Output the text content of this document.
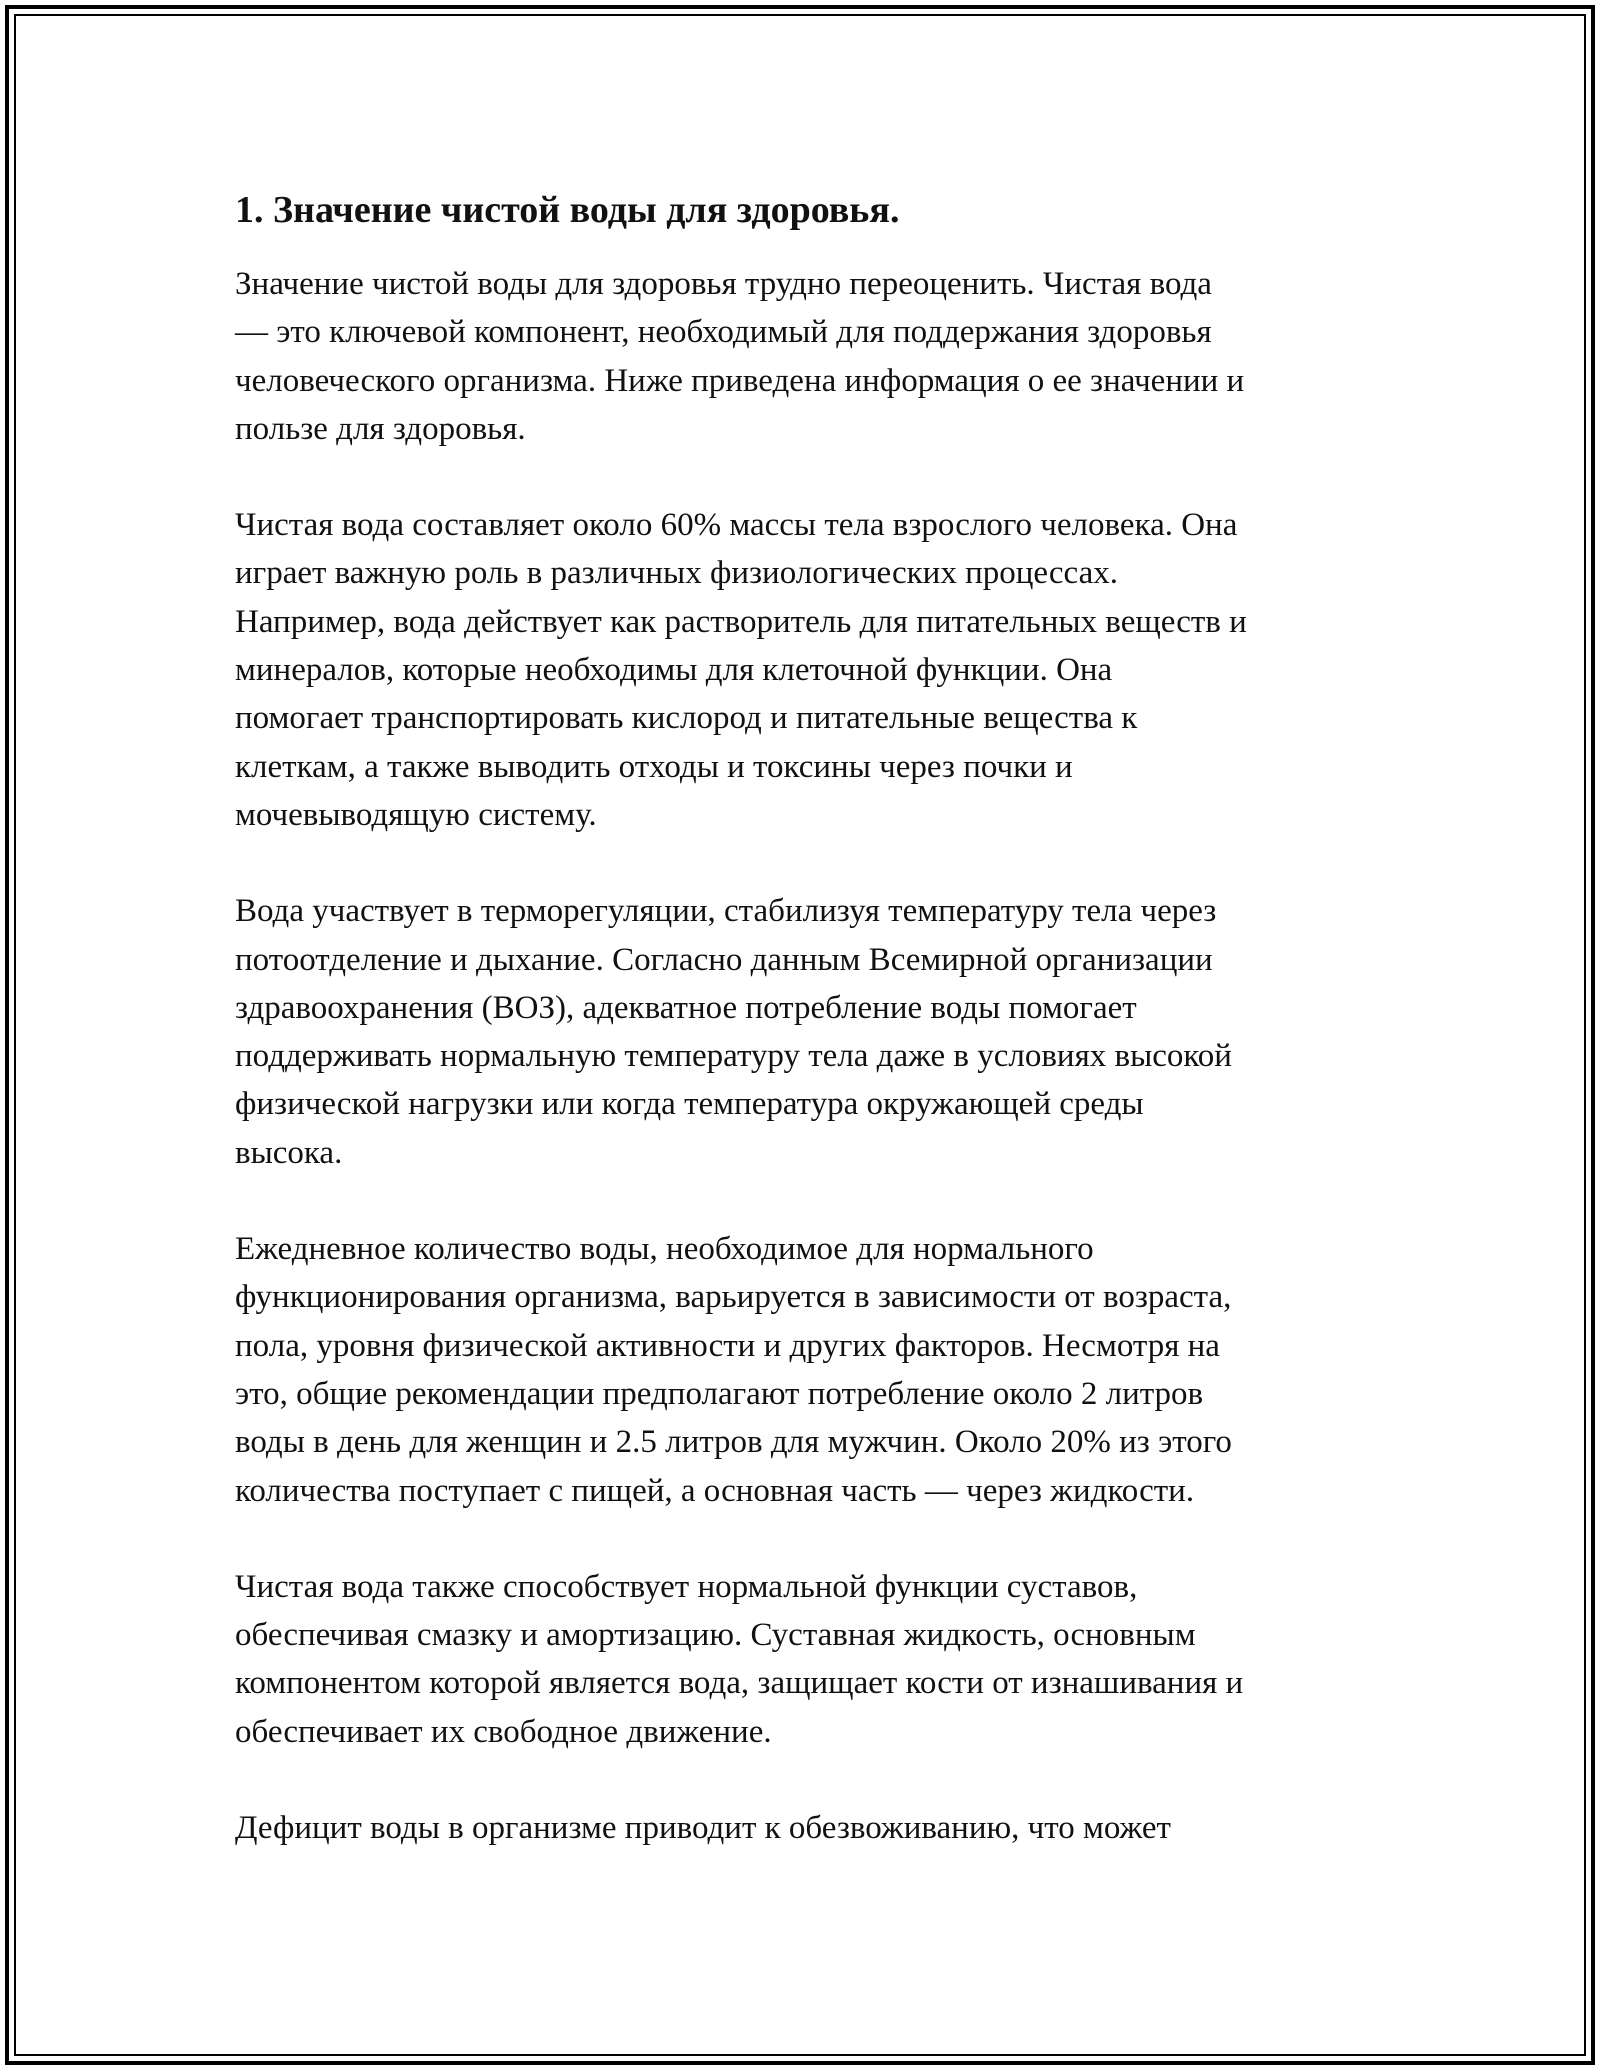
1. Значение чистой воды для здоровья.

Значение чистой воды для здоровья трудно переоценить. Чистая вода
— это ключевой компонент, необходимый для поддержания здоровья
человеческого организма. Ниже приведена информация о ее значении и
пользе для здоровья.

Чистая вода составляет около 60% массы тела взрослого человека. Она
играет важную роль в различных физиологических процессах.
Например, вода действует как растворитель для питательных веществ и
минералов, которые необходимы для клеточной функции. Она
помогает транспортировать кислород и питательные вещества к
клеткам, а также выводить отходы и токсины через почки и
мочевыводящую систему.

Вода участвует в терморегуляции, стабилизуя температуру тела через
потоотделение и дыхание. Согласно данным Всемирной организации
здравоохранения (ВОЗ), адекватное потребление воды помогает
поддерживать нормальную температуру тела даже в условиях высокой
физической нагрузки или когда температура окружающей среды
высока.

Ежедневное количество воды, необходимое для нормального
функционирования организма, варьируется в зависимости от возраста,
пола, уровня физической активности и других факторов. Несмотря на
это, общие рекомендации предполагают потребление около 2 литров
воды в день для женщин и 2.5 литров для мужчин. Около 20% из этого
количества поступает с пищей, а основная часть — через жидкости.

Чистая вода также способствует нормальной функции суставов,
обеспечивая смазку и амортизацию. Суставная жидкость, основным
компонентом которой является вода, защищает кости от изнашивания и
обеспечивает их свободное движение.

Дефицит воды в организме приводит к обезвоживанию, что может
